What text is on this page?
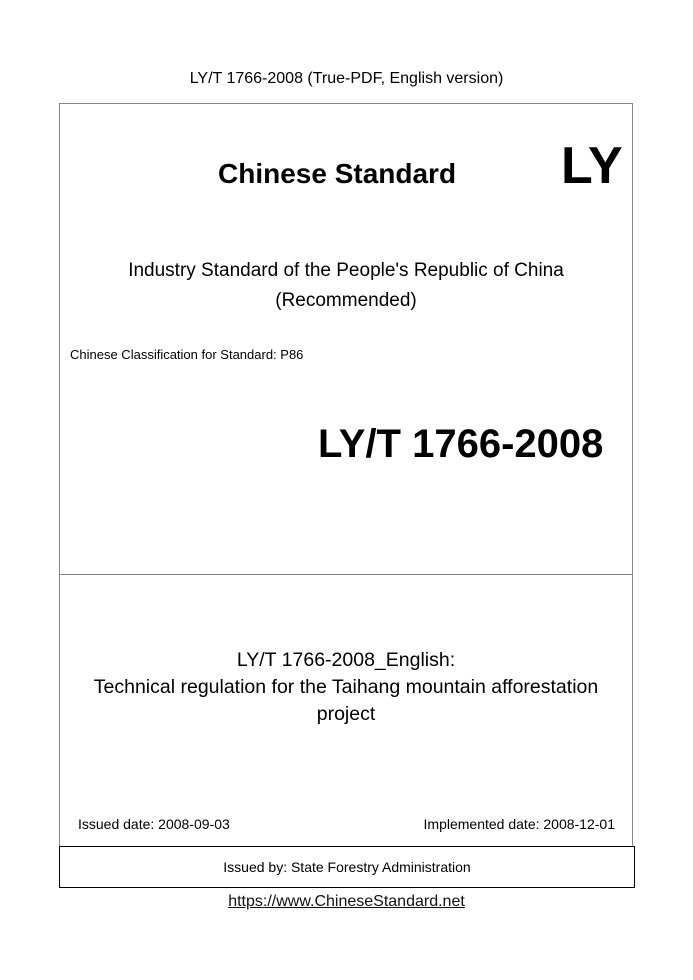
LY/T 1766-2008 (True-PDF, English version)
Chinese Standard LY
Industry Standard of the People's Republic of China
(Recommended)
Chinese Classification for Standard: P86
LY/T 1766-2008
LY/T 1766-2008_English:
Technical regulation for the Taihang mountain afforestation
project
Issued date: 2008-09-03	Implemented date: 2008-12-01
Issued by: State Forestry Administration
https://www.ChineseStandard.net
